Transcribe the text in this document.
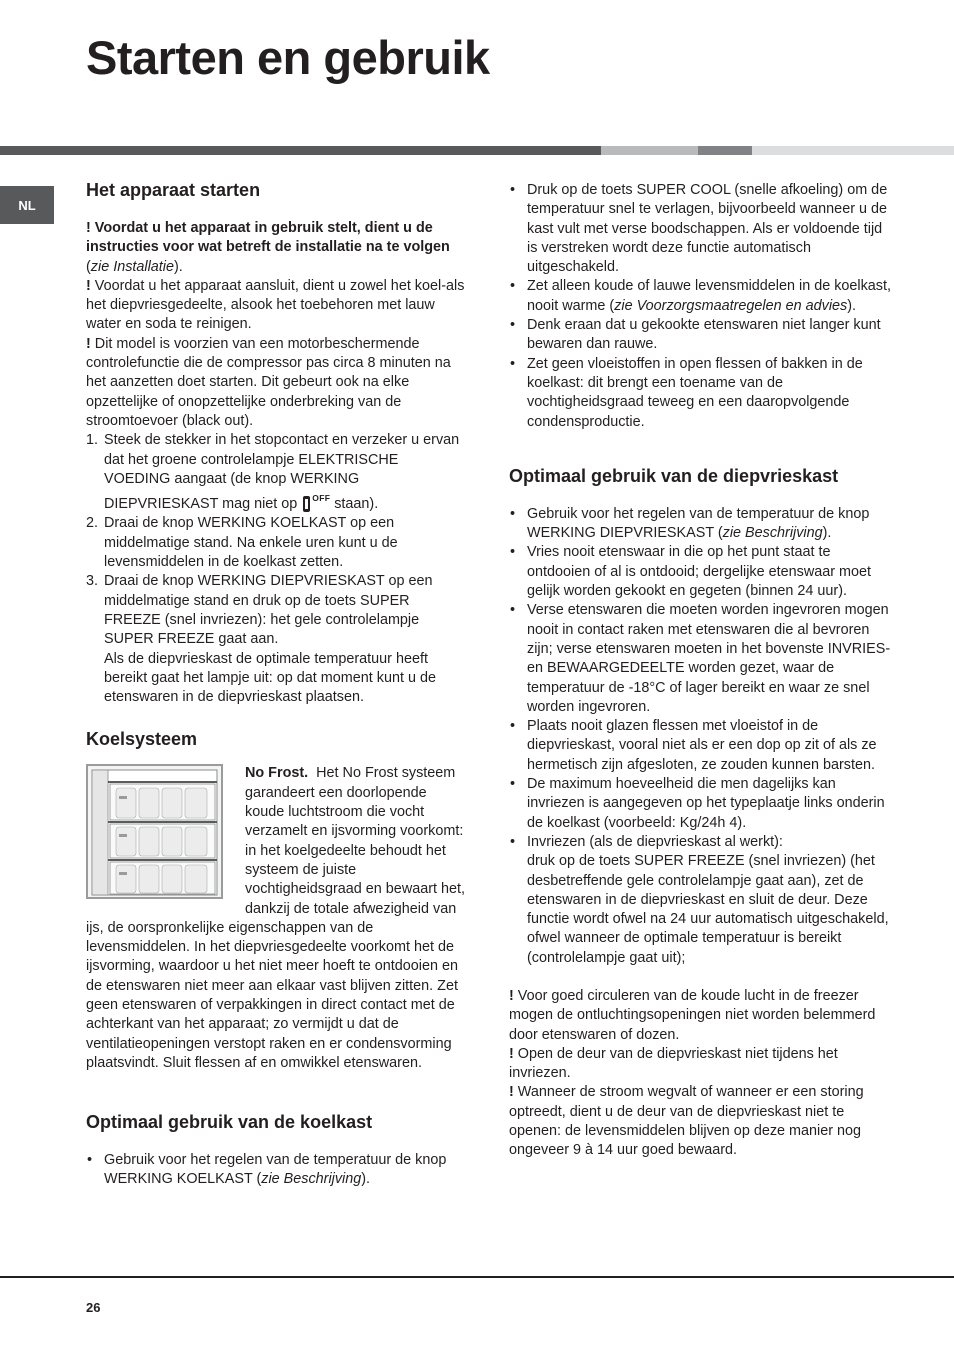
Starten en gebruik
NL
Het apparaat starten

! Voordat u het apparaat in gebruik stelt, dient u de instructies voor wat betreft de installatie na te volgen (zie Installatie).

! Voordat u het apparaat aansluit, dient u zowel het koel-als het diepvriesgedeelte, alsook het toebehoren met lauw water en soda te reinigen.

! Dit model is voorzien van een motorbeschermende controlefunctie die de compressor pas circa 8 minuten na het aanzetten doet starten. Dit gebeurt ook na elke opzettelijke of onopzettelijke onderbreking van de stroomtoevoer (black out).

1. Steek de stekker in het stopcontact en verzeker u ervan dat het groene controlelampje ELEKTRISCHE VOEDING aangaat (de knop WERKING DIEPVRIESKAST mag niet op $^{OFF}$ staan).
2. Draai de knop WERKING KOELKAST op een middelmatige stand. Na enkele uren kunt u de levensmiddelen in de koelkast zetten.
3. Draai de knop WERKING DIEPVRIESKAST op een middelmatige stand en druk op de toets SUPER FREEZE (snel invriezen): het gele controlelampje SUPER FREEZE gaat aan.
Als de diepvrieskast de optimale temperatuur heeft bereikt gaat het lampje uit: op dat moment kunt u de etenswaren in de diepvrieskast plaatsen.
Koelsysteem

No Frost. Het No Frost systeem garandeert een doorlopende koude luchtstroom die vocht verzamelt en ijsvorming voorkomt: in het koelgedeelte behoudt het systeem de juiste vochtigheidsgraad en bewaart het, dankzij de totale afwezigheid van ijs, de oorspronkelijke eigenschappen van de levensmiddelen. In het diepvriesgedeelte voorkomt het de ijsvorming, waardoor u het niet meer hoeft te ontdooien en de etenswaren niet meer aan elkaar vast blijven zitten. Zet geen etenswaren of verpakkingen in direct contact met de achterkant van het apparaat; zo vermijdt u dat de ventilatieopeningen verstopt raken en er condensvorming plaatsvindt. Sluit flessen af en omwikkel etenswaren.

Optimaal gebruik van de koelkast
• Gebruik voor het regelen van de temperatuur de knop WERKING KOELKAST (zie Beschrijving).
• Druk op de toets SUPER COOL (snelle afkoeling) om de temperatuur snel te verlagen, bijvoorbeeld wanneer u de kast vult met verse boodschappen. Als er voldoende tijd is verstreken wordt deze functie automatisch uitgeschakeld.
• Zet alleen koude of lauwe levensmiddelen in de koelkast, nooit warme (zie Voorzorgsmaatregelen en advies).
• Denk eraan dat u gekookte etenswaren niet langer kunt bewaren dan rauwe.
• Zet geen vloeistoffen in open flessen of bakken in de koelkast: dit brengt een toename van de vochtigheidsgraad teweeg en een daaropvolgende condensproductie.
Optimaal gebruik van de diepvrieskast
• Gebruik voor het regelen van de temperatuur de knop WERKING DIEPVRIESKAST (zie Beschrijving).
• Vries nooit etenswaar in die op het punt staat te ontdooien of al is ontdooid; dergelijke etenswaar moet gelijk worden gekookt en gegeten (binnen 24 uur).
• Verse etenswaren die moeten worden ingevroren mogen nooit in contact raken met etenswaren die al bevroren zijn; verse etenswaren moeten in het bovenste INVRIES- en BEWAARGEDEELTE worden gezet, waar de temperatuur de -18°C of lager bereikt en waar ze snel worden ingevroren.
• Plaats nooit glazen flessen met vloeistof in de diepvrieskast, vooral niet als er een dop op zit of als ze hermetisch zijn afgesloten, ze zouden kunnen barsten.
• De maximum hoeveelheid die men dagelijks kan invriezen is aangegeven op het typeplaatje links onderin de koelkast (voorbeeld: Kg/24h 4).
• Invriezen (als de diepvrieskast al werkt):
druk op de toets SUPER FREEZE (snel invriezen) (het desbetreffende gele controlelampje gaat aan), zet de etenswaren in de diepvrieskast en sluit de deur. Deze functie wordt ofwel na 24 uur automatisch uitgeschakeld, ofwel wanneer de optimale temperatuur is bereikt (controlelampje gaat uit);

! Voor goed circuleren van de koude lucht in de freezer mogen de ontluchtingsopeningen niet worden belemmerd door etenswaren of dozen.

! Open de deur van de diepvrieskast niet tijdens het invriezen.

! Wanneer de stroom wegvalt of wanneer er een storing optreedt, dient u de deur van de diepvrieskast niet te openen: de levensmiddelen blijven op deze manier nog ongeveer 9 à 14 uur goed bewaard.

26
